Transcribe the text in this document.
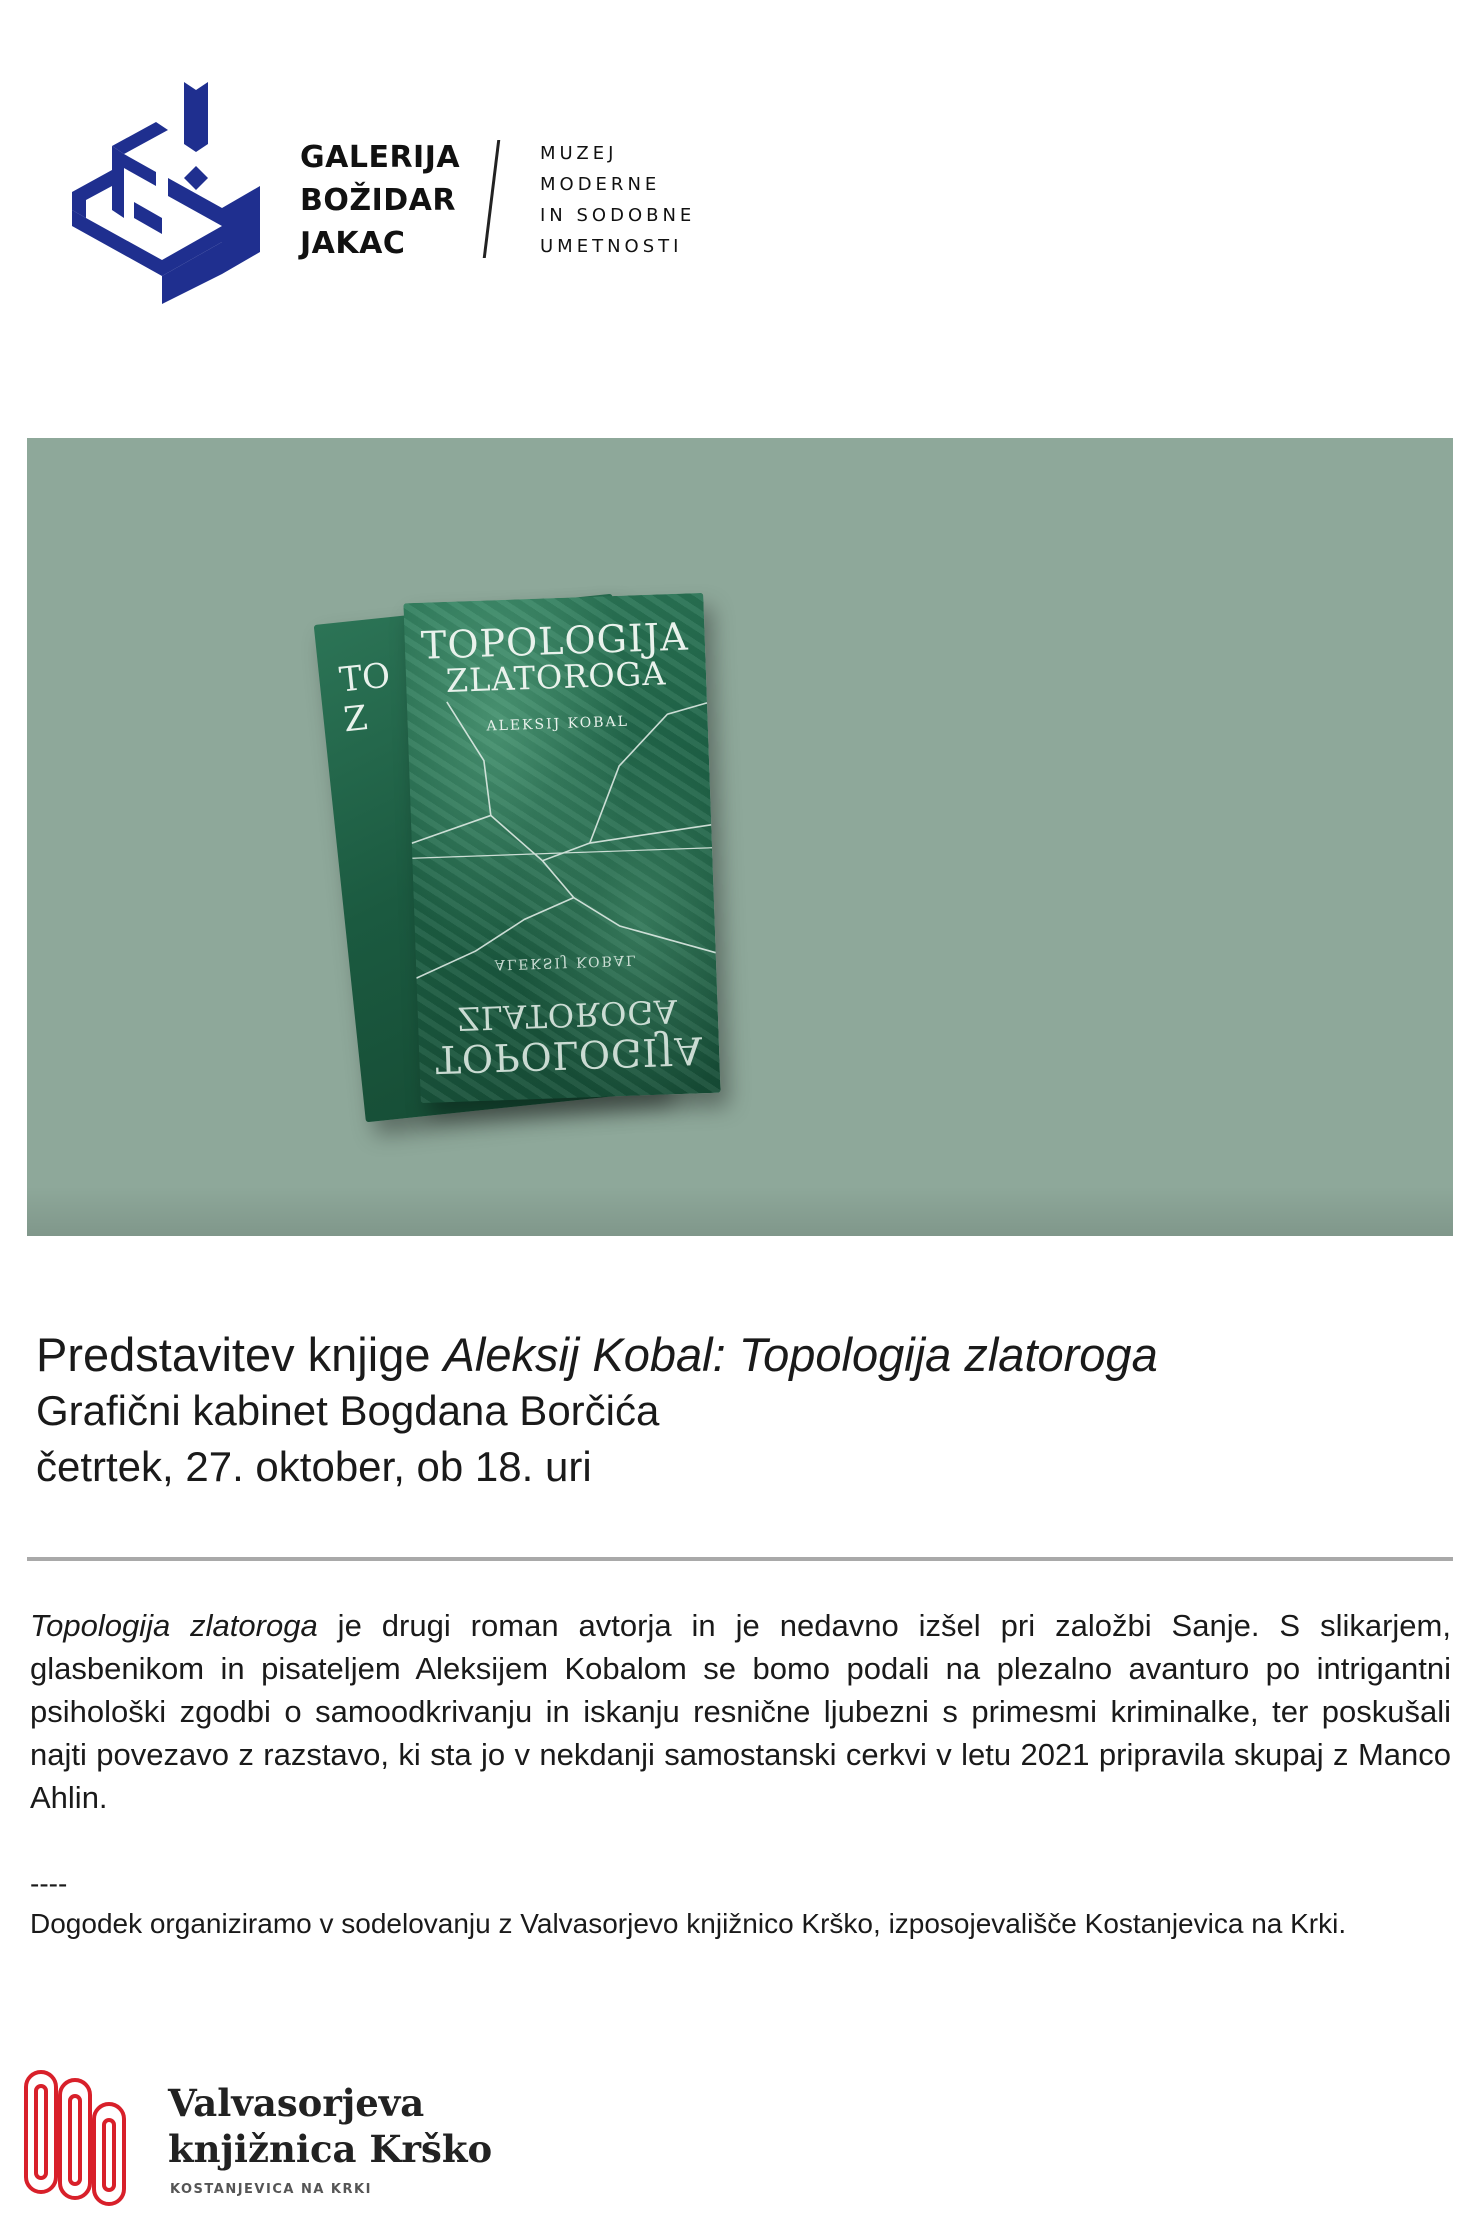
GALERIJA
BOŽIDAR
JAKAC
MUZEJ
MODERNE
IN SODOBNE
UMETNOSTI
TO
Z
TOPOLOGIJA
ZLATOROGA
ALEKSIJ KOBAL
ALEKSIJ KOBAL
ZLATOROGA
TOPOLOGIJA
Predstavitev knjige Aleksij Kobal: Topologija zlatoroga
Grafični kabinet Bogdana Borčića
četrtek, 27. oktober, ob 18. uri
Topologija zlatoroga je drugi roman avtorja in je nedavno izšel pri založbi Sanje. S slikarjem, glasbenikom in pisateljem Aleksijem Kobalom se bomo podali na plezalno avanturo po intrigantni psihološki zgodbi o samoodkrivanju in iskanju resnične ljubezni s primesmi kriminalke, ter poskušali najti povezavo z razstavo, ki sta jo v nekdanji samostanski cerkvi v letu 2021 pripravila skupaj z Manco Ahlin.
----
Dogodek organiziramo v sodelovanju z Valvasorjevo knjižnico Krško, izposojevališče Kostanjevica na Krki.
Valvasorjeva
knjižnica Krško
KOSTANJEVICA NA KRKI
